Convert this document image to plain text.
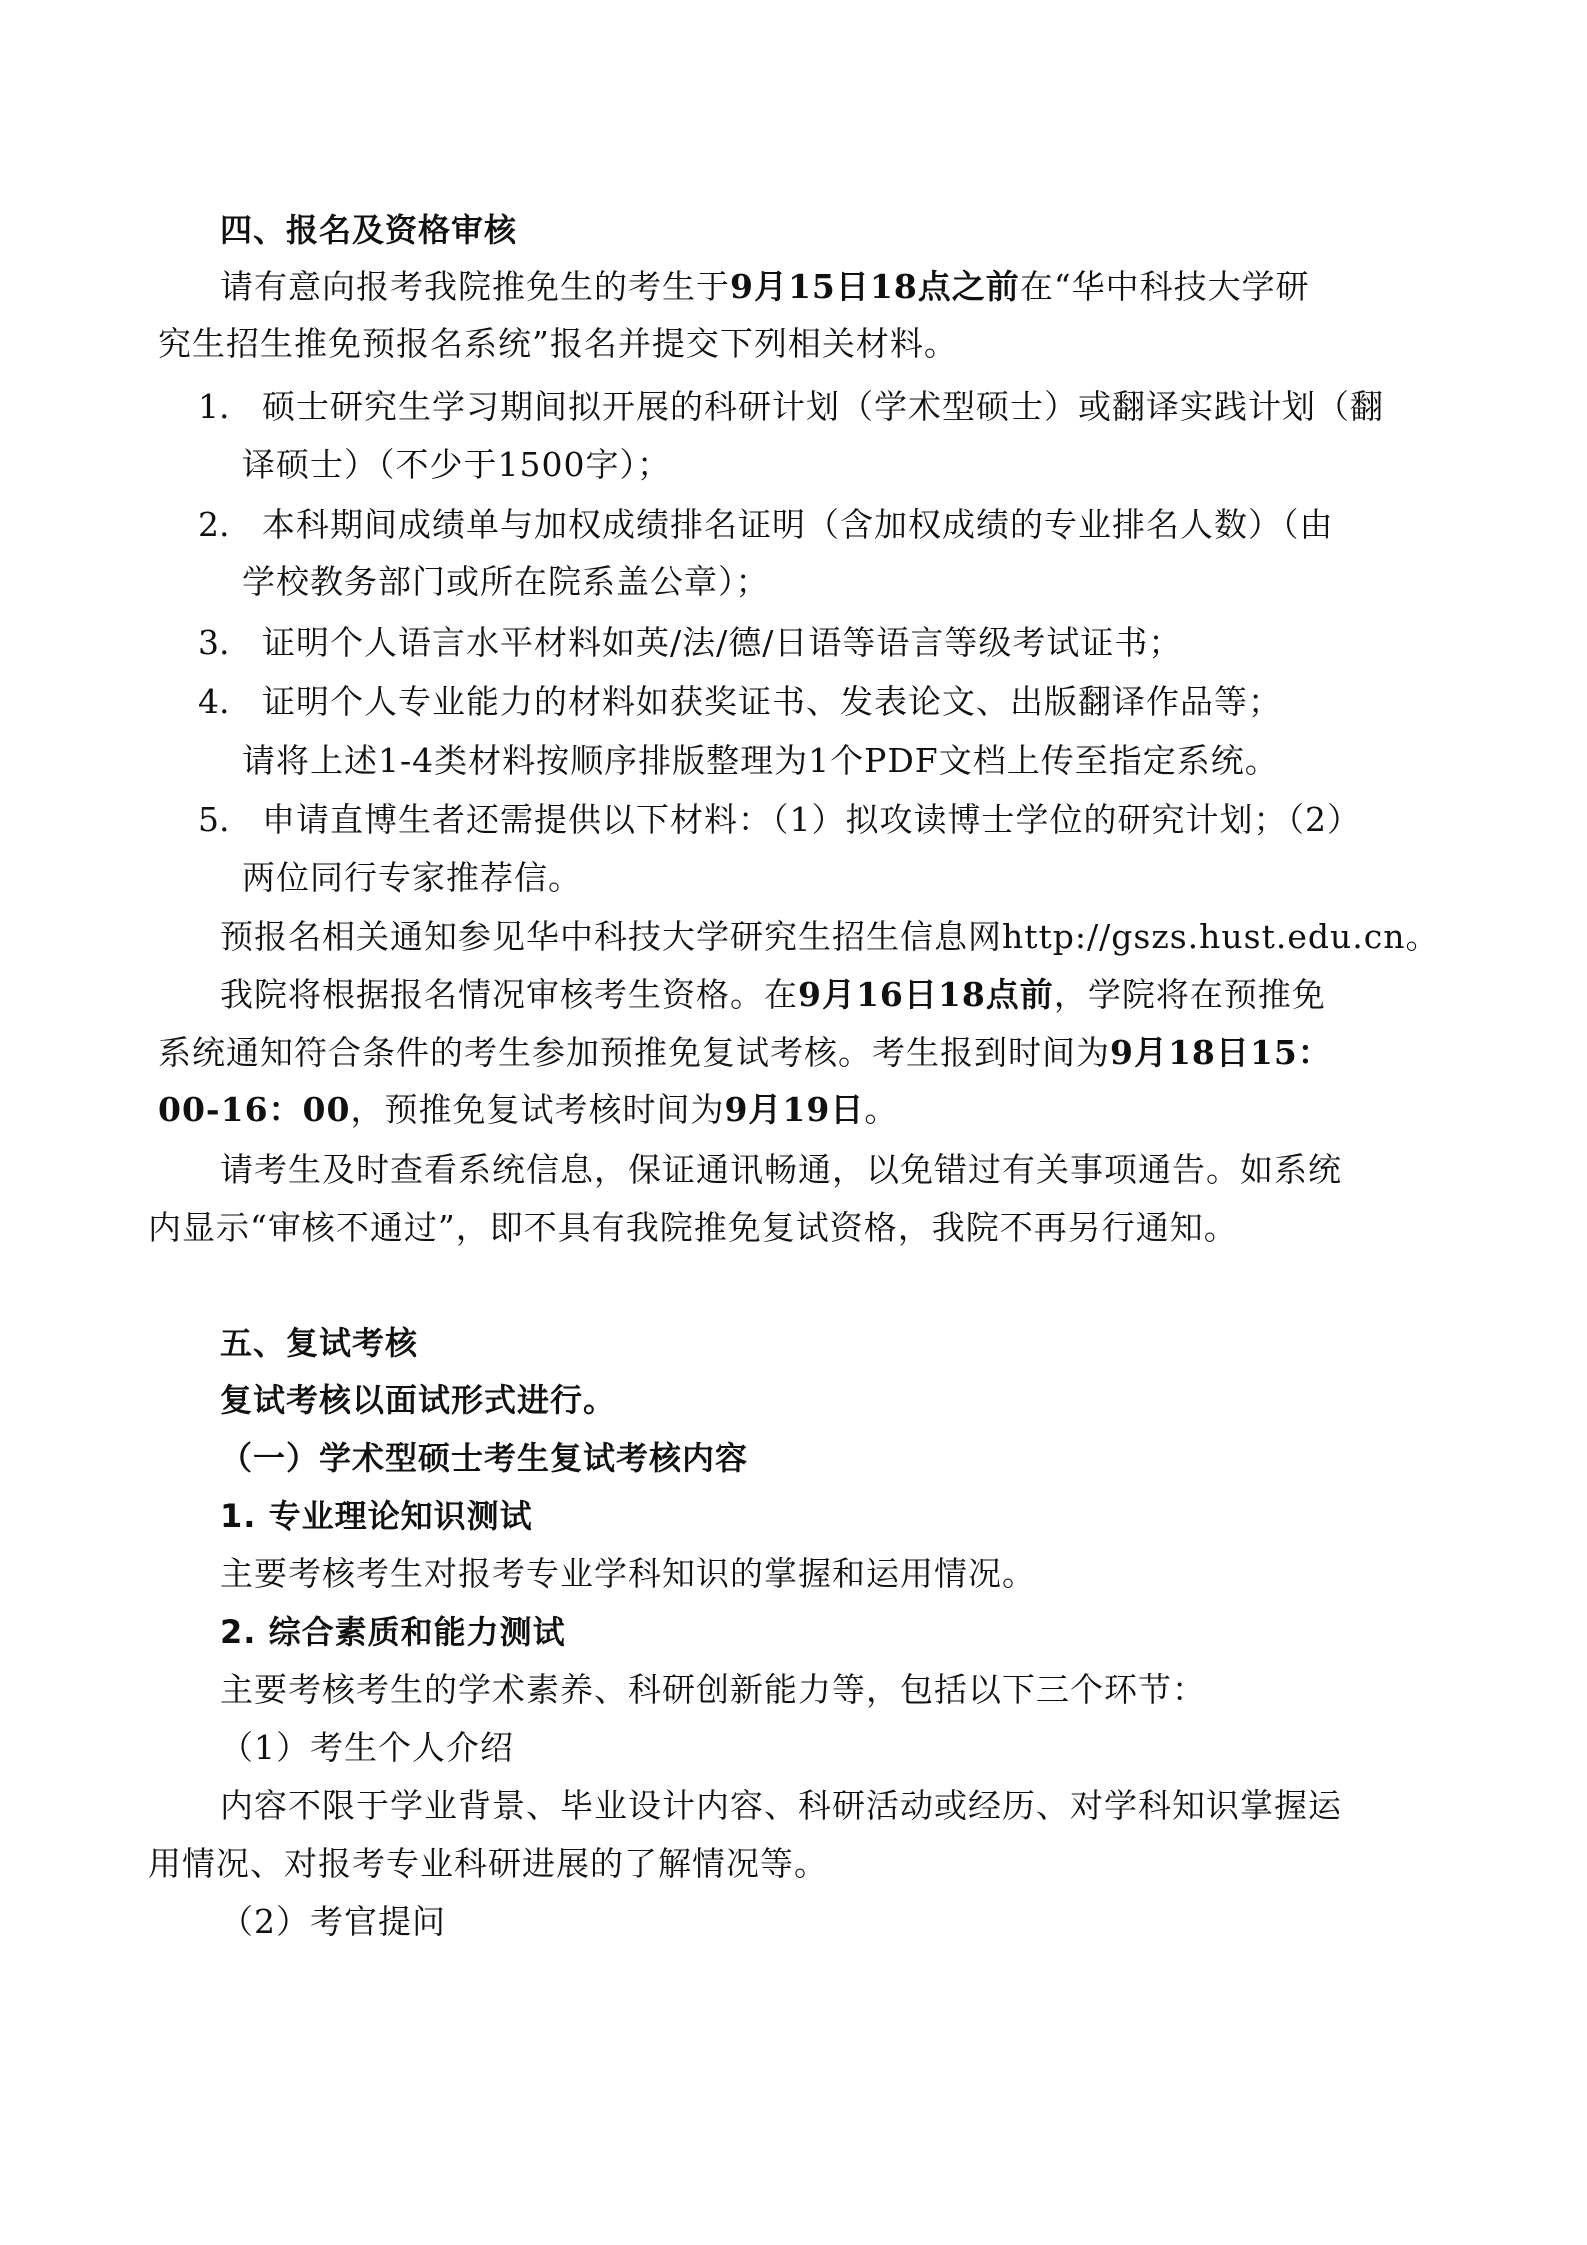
四、报名及资格审核
请有意向报考我院推免生的考生于9月15日18点之前在“华中科技大学研
究生招生推免预报名系统”报名并提交下列相关材料。
1. 硕士研究生学习期间拟开展的科研计划（学术型硕士）或翻译实践计划（翻
译硕士）（不少于1500字）；
2. 本科期间成绩单与加权成绩排名证明（含加权成绩的专业排名人数）（由
学校教务部门或所在院系盖公章）；
3. 证明个人语言水平材料如英/法/德/日语等语言等级考试证书；
4. 证明个人专业能力的材料如获奖证书、发表论文、出版翻译作品等；
请将上述1-4类材料按顺序排版整理为1个PDF文档上传至指定系统。
5. 申请直博生者还需提供以下材料：（1）拟攻读博士学位的研究计划；（2）
两位同行专家推荐信。
预报名相关通知参见华中科技大学研究生招生信息网http://gszs.hust.edu.cn。
我院将根据报名情况审核考生资格。在9月16日18点前，学院将在预推免
系统通知符合条件的考生参加预推免复试考核。考生报到时间为9月18日15：
00-16：00，预推免复试考核时间为9月19日。
请考生及时查看系统信息，保证通讯畅通，以免错过有关事项通告。如系统
内显示“审核不通过”，即不具有我院推免复试资格，我院不再另行通知。
五、复试考核
复试考核以面试形式进行。
（一）学术型硕士考生复试考核内容
1. 专业理论知识测试
主要考核考生对报考专业学科知识的掌握和运用情况。
2. 综合素质和能力测试
主要考核考生的学术素养、科研创新能力等，包括以下三个环节：
（1）考生个人介绍
内容不限于学业背景、毕业设计内容、科研活动或经历、对学科知识掌握运
用情况、对报考专业科研进展的了解情况等。
（2）考官提问
